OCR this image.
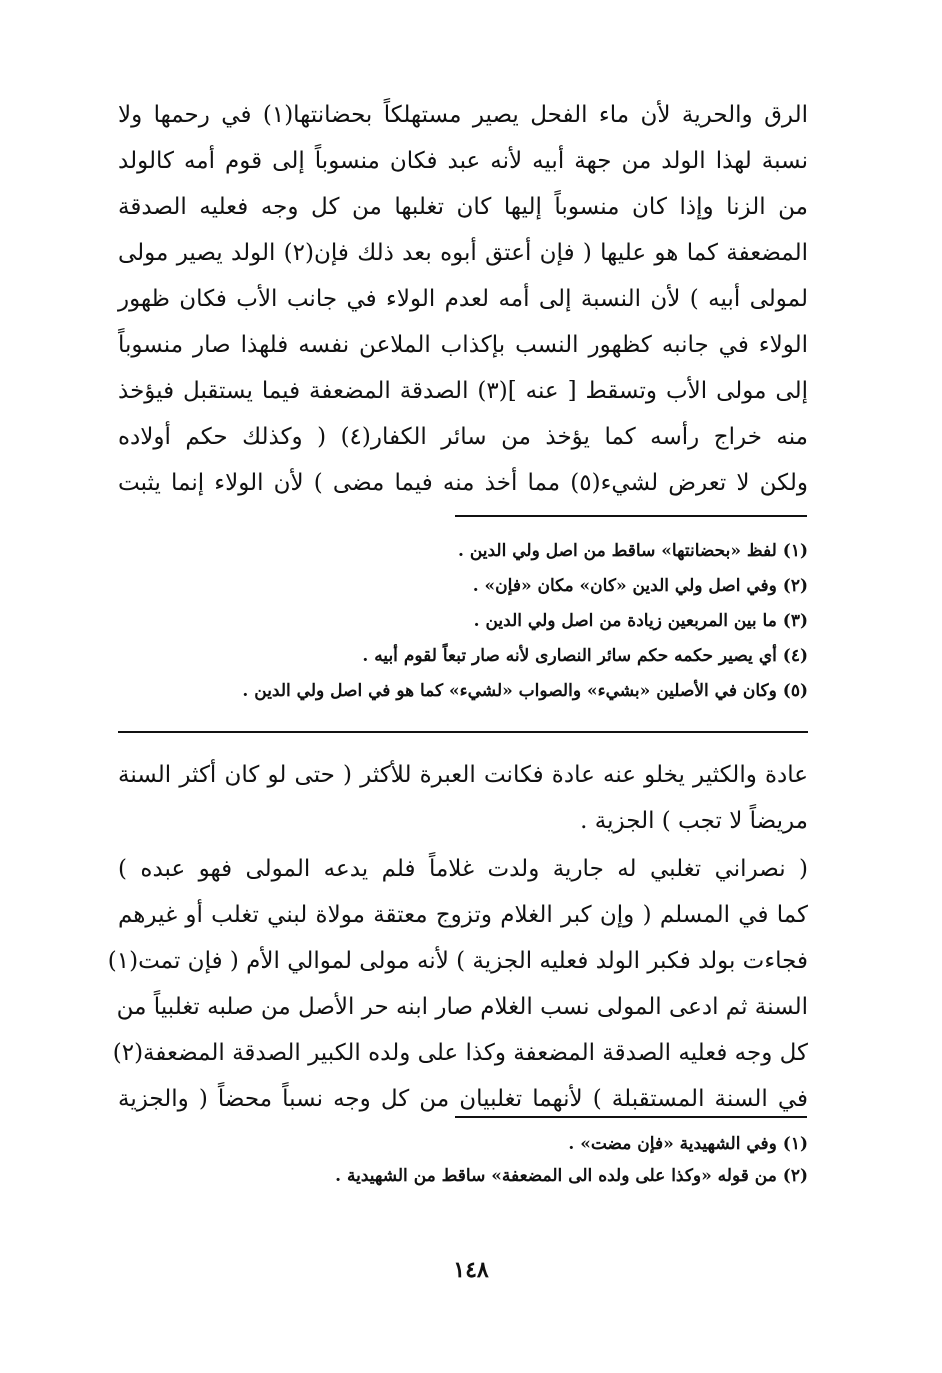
الرق والحرية لأن ماء الفحل يصير مستهلكاً بحضانتها(١) في رحمها ولا
نسبة لهذا الولد من جهة أبيه لأنه عبد فكان منسوباً إلى قوم أمه كالولد
من الزنا وإذا كان منسوباً إليها كان تغلبها من كل وجه فعليه الصدقة
المضعفة كما هو عليها ( فإن أعتق أبوه بعد ذلك فإن(٢) الولد يصير مولى
لمولى أبيه ) لأن النسبة إلى أمه لعدم الولاء في جانب الأب فكان ظهور
الولاء في جانبه كظهور النسب بإكذاب الملاعن نفسه فلهذا صار منسوباً
إلى مولى الأب وتسقط [ عنه ](٣) الصدقة المضعفة فيما يستقبل فيؤخذ
منه خراج رأسه كما يؤخذ من سائر الكفار(٤) ( وكذلك حكم أولاده
ولكن لا تعرض لشيء(٥) مما أخذ منه فيما مضى ) لأن الولاء إنما يثبت
(١) لفظ «بحضانتها» ساقط من اصل ولي الدين .
(٢) وفي اصل ولي الدين «كان» مكان «فإن» .
(٣) ما بين المربعين زيادة من اصل ولي الدين .
(٤) أي يصير حكمه حكم سائر النصارى لأنه صار تبعاً لقوم أبيه .
(٥) وكان في الأصلين «بشيء» والصواب «لشيء» كما هو في اصل ولي الدين .
عادة والكثير يخلو عنه عادة فكانت العبرة للأكثر ( حتى لو كان أكثر السنة
مريضاً لا تجب ) الجزية .
( نصراني تغلبي له جارية ولدت غلاماً فلم يدعه المولى فهو عبده )
كما في المسلم ( وإن كبر الغلام وتزوج معتقة مولاة لبني تغلب أو غيرهم
فجاءت بولد فكبر الولد فعليه الجزية ) لأنه مولى لموالي الأم ( فإن تمت(١)
السنة ثم ادعى المولى نسب الغلام صار ابنه حر الأصل من صلبه تغلبياً من
كل وجه فعليه الصدقة المضعفة وكذا على ولده الكبير الصدقة المضعفة(٢)
في السنة المستقبلة ) لأنهما تغلبيان من كل وجه نسباً محضاً ( والجزية
(١) وفي الشهيدية «فإن مضت» .
(٢) من قوله «وكذا على ولده الى المضعفة» ساقط من الشهيدية .
١٤٨
